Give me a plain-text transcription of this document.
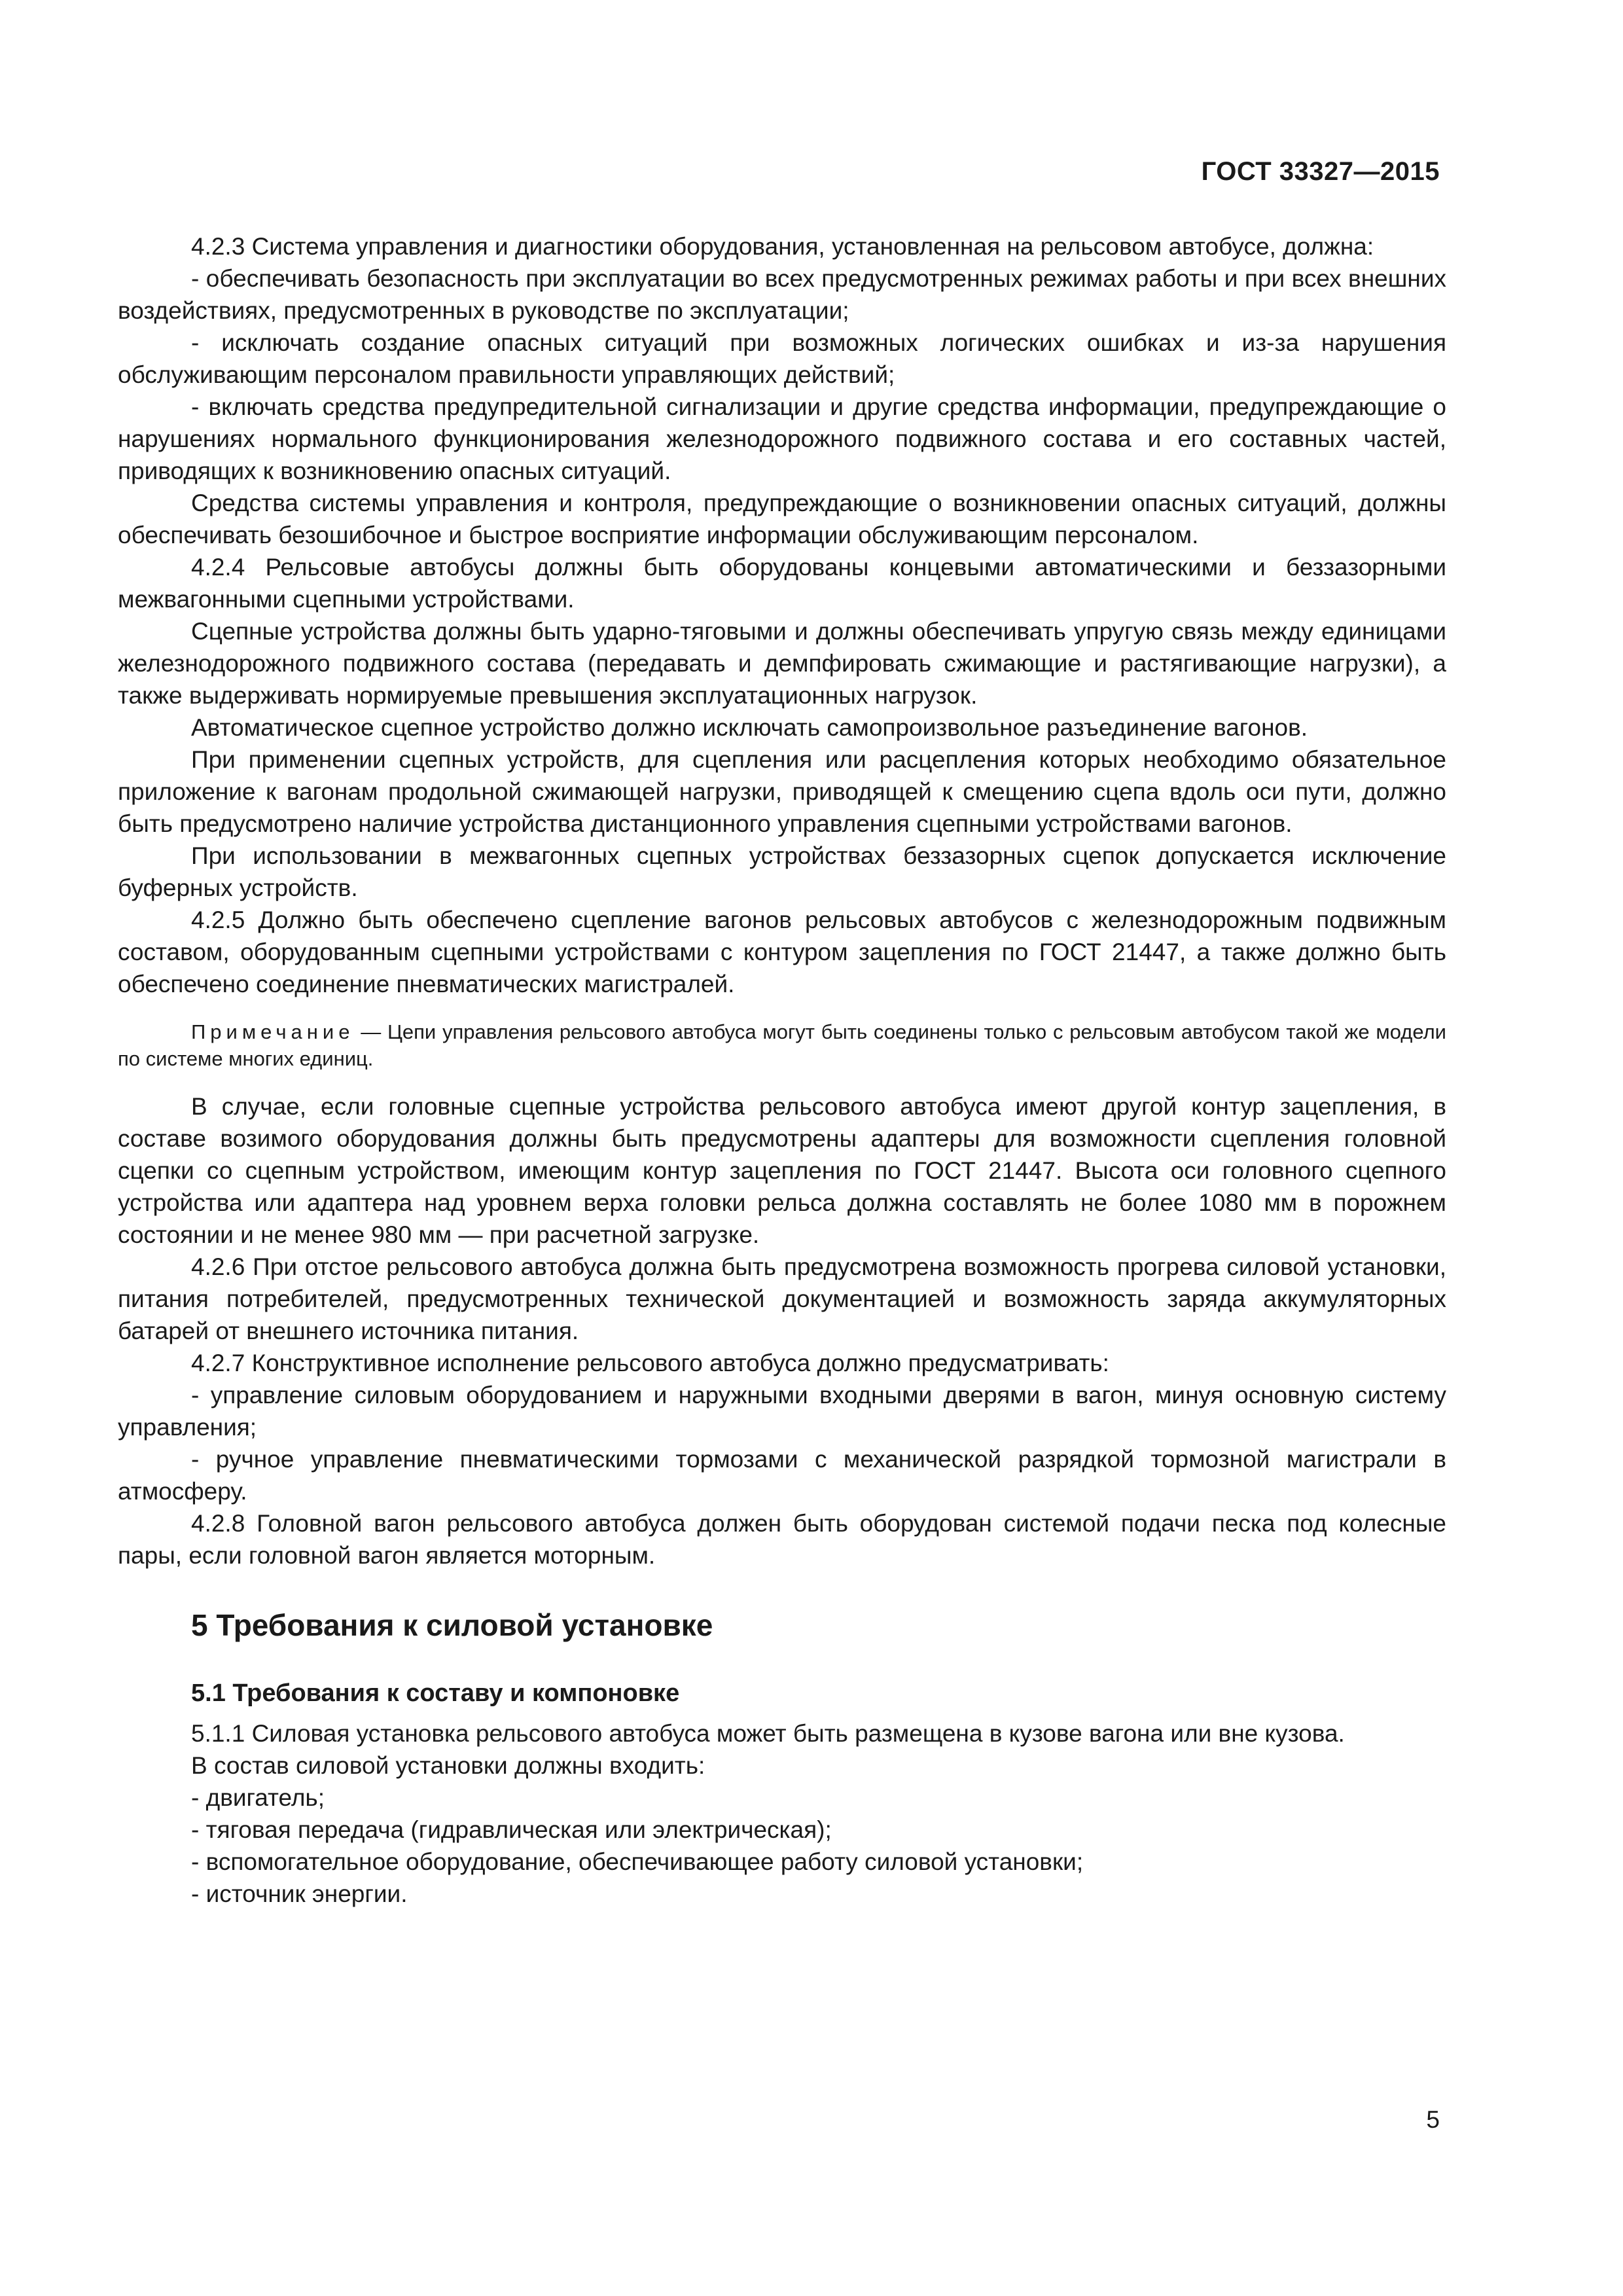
ГОСТ 33327—2015

4.2.3 Система управления и диагностики оборудования, установленная на рельсовом автобусе, должна:

- обеспечивать безопасность при эксплуатации во всех предусмотренных режимах работы и при всех внешних воздействиях, предусмотренных в руководстве по эксплуатации;

- исключать создание опасных ситуаций при возможных логических ошибках и из-за нарушения обслуживающим персоналом правильности управляющих действий;

- включать средства предупредительной сигнализации и другие средства информации, предупреждающие о нарушениях нормального функционирования железнодорожного подвижного состава и его составных частей, приводящих к возникновению опасных ситуаций.

Средства системы управления и контроля, предупреждающие о возникновении опасных ситуаций, должны обеспечивать безошибочное и быстрое восприятие информации обслуживающим персоналом.

4.2.4 Рельсовые автобусы должны быть оборудованы концевыми автоматическими и беззазорными межвагонными сцепными устройствами.

Сцепные устройства должны быть ударно-тяговыми и должны обеспечивать упругую связь между единицами железнодорожного подвижного состава (передавать и демпфировать сжимающие и растягивающие нагрузки), а также выдерживать нормируемые превышения эксплуатационных нагрузок.

Автоматическое сцепное устройство должно исключать самопроизвольное разъединение вагонов.

При применении сцепных устройств, для сцепления или расцепления которых необходимо обязательное приложение к вагонам продольной сжимающей нагрузки, приводящей к смещению сцепа вдоль оси пути, должно быть предусмотрено наличие устройства дистанционного управления сцепными устройствами вагонов.

При использовании в межвагонных сцепных устройствах беззазорных сцепок допускается исключение буферных устройств.

4.2.5 Должно быть обеспечено сцепление вагонов рельсовых автобусов с железнодорожным подвижным составом, оборудованным сцепными устройствами с контуром зацепления по ГОСТ 21447, а также должно быть обеспечено соединение пневматических магистралей.

Примечание — Цепи управления рельсового автобуса могут быть соединены только с рельсовым автобусом такой же модели по системе многих единиц.

В случае, если головные сцепные устройства рельсового автобуса имеют другой контур зацепления, в составе возимого оборудования должны быть предусмотрены адаптеры для возможности сцепления головной сцепки со сцепным устройством, имеющим контур зацепления по ГОСТ 21447. Высота оси головного сцепного устройства или адаптера над уровнем верха головки рельса должна составлять не более 1080 мм в порожнем состоянии и не менее 980 мм — при расчетной загрузке.

4.2.6 При отстое рельсового автобуса должна быть предусмотрена возможность прогрева силовой установки, питания потребителей, предусмотренных технической документацией и возможность заряда аккумуляторных батарей от внешнего источника питания.

4.2.7 Конструктивное исполнение рельсового автобуса должно предусматривать:

- управление силовым оборудованием и наружными входными дверями в вагон, минуя основную систему управления;

- ручное управление пневматическими тормозами с механической разрядкой тормозной магистрали в атмосферу.

4.2.8 Головной вагон рельсового автобуса должен быть оборудован системой подачи песка под колесные пары, если головной вагон является моторным.

5 Требования к силовой установке

5.1 Требования к составу и компоновке

5.1.1 Силовая установка рельсового автобуса может быть размещена в кузове вагона или вне кузова.

В состав силовой установки должны входить:

- двигатель;

- тяговая передача (гидравлическая или электрическая);

- вспомогательное оборудование, обеспечивающее работу силовой установки;

- источник энергии.

5
